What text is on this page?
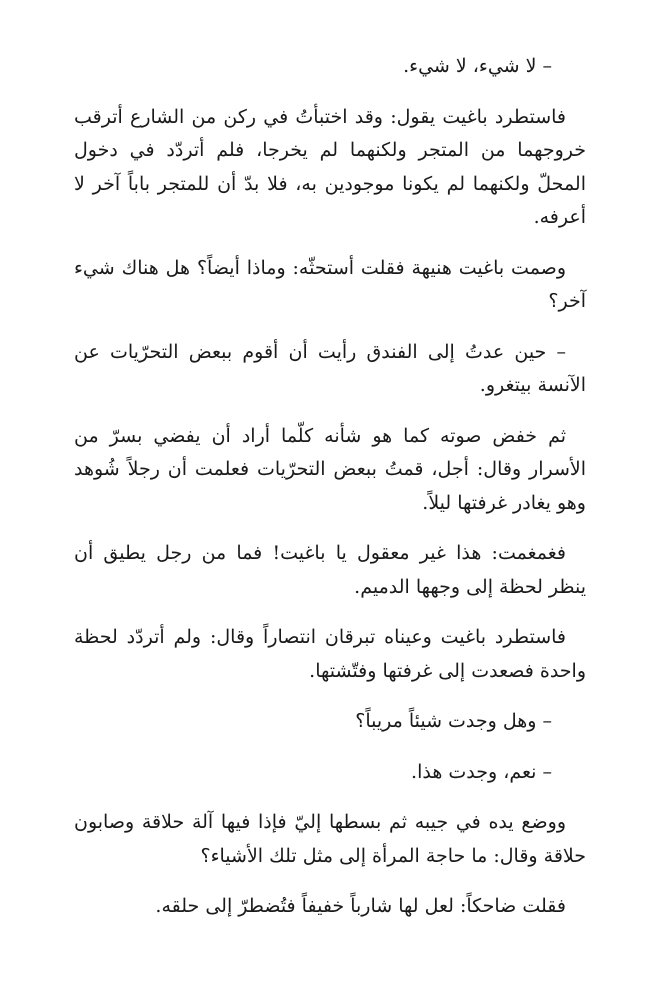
– لا شيء، لا شيء.

فاستطرد باغيت يقول: وقد اختبأتُ في ركن من الشارع أترقب خروجهما من المتجر ولكنهما لم يخرجا، فلم أتردّد في دخول المحلّ ولكنهما لم يكونا موجودين به، فلا بدّ أن للمتجر باباً آخر لا أعرفه.

وصمت باغيت هنيهة فقلت أستحثّه: وماذا أيضاً؟ هل هناك شيء آخر؟

– حين عدتُ إلى الفندق رأيت أن أقوم ببعض التحرّيات عن الآنسة بيتغرو.

ثم خفض صوته كما هو شأنه كلّما أراد أن يفضي بسرّ من الأسرار وقال: أجل، قمتُ ببعض التحرّيات فعلمت أن رجلاً شُوهد وهو يغادر غرفتها ليلاً.

فغمغمت: هذا غير معقول يا باغيت! فما من رجل يطيق أن ينظر لحظة إلى وجهها الدميم.

فاستطرد باغيت وعيناه تبرقان انتصاراً وقال: ولم أتردّد لحظة واحدة فصعدت إلى غرفتها وفتّشتها.

– وهل وجدت شيئاً مريباً؟

– نعم، وجدت هذا.

ووضع يده في جيبه ثم بسطها إليّ فإذا فيها آلة حلاقة وصابون حلاقة وقال: ما حاجة المرأة إلى مثل تلك الأشياء؟

فقلت ضاحكاً: لعل لها شارباً خفيفاً فتُضطرّ إلى حلقه.
